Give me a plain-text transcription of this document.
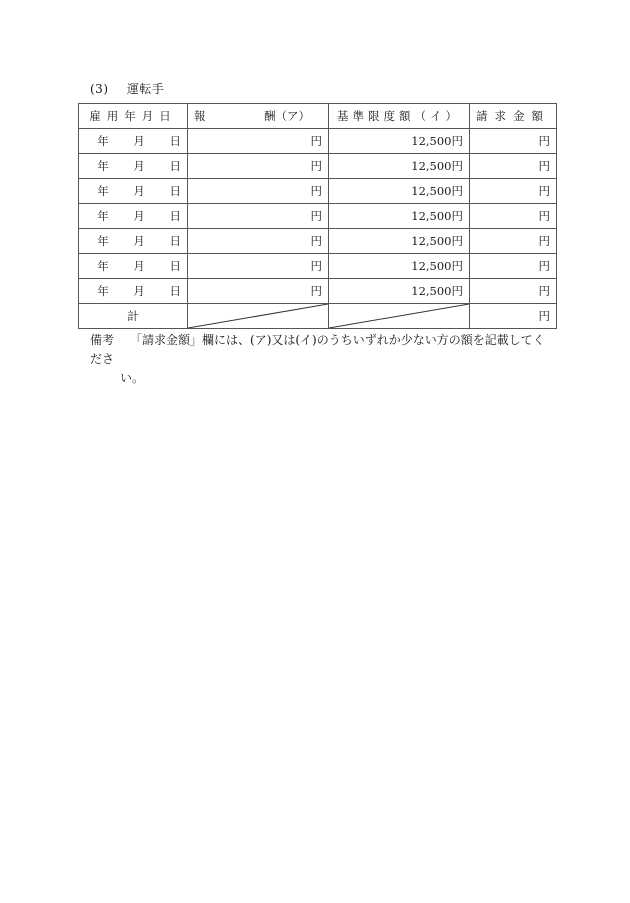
(3) 運転手
雇用年月日	報 酬（ア）	基準限度額（イ）	請求金額
年 月 日	円	12,500円	円
年 月 日	円	12,500円	円
年 月 日	円	12,500円	円
年 月 日	円	12,500円	円
年 月 日	円	12,500円	円
年 月 日	円	12,500円	円
年 月 日	円	12,500円	円
計			円
備考 「請求金額」欄には、(ア)又は(イ)のうちいずれか少ない方の額を記載してくださ
い。
